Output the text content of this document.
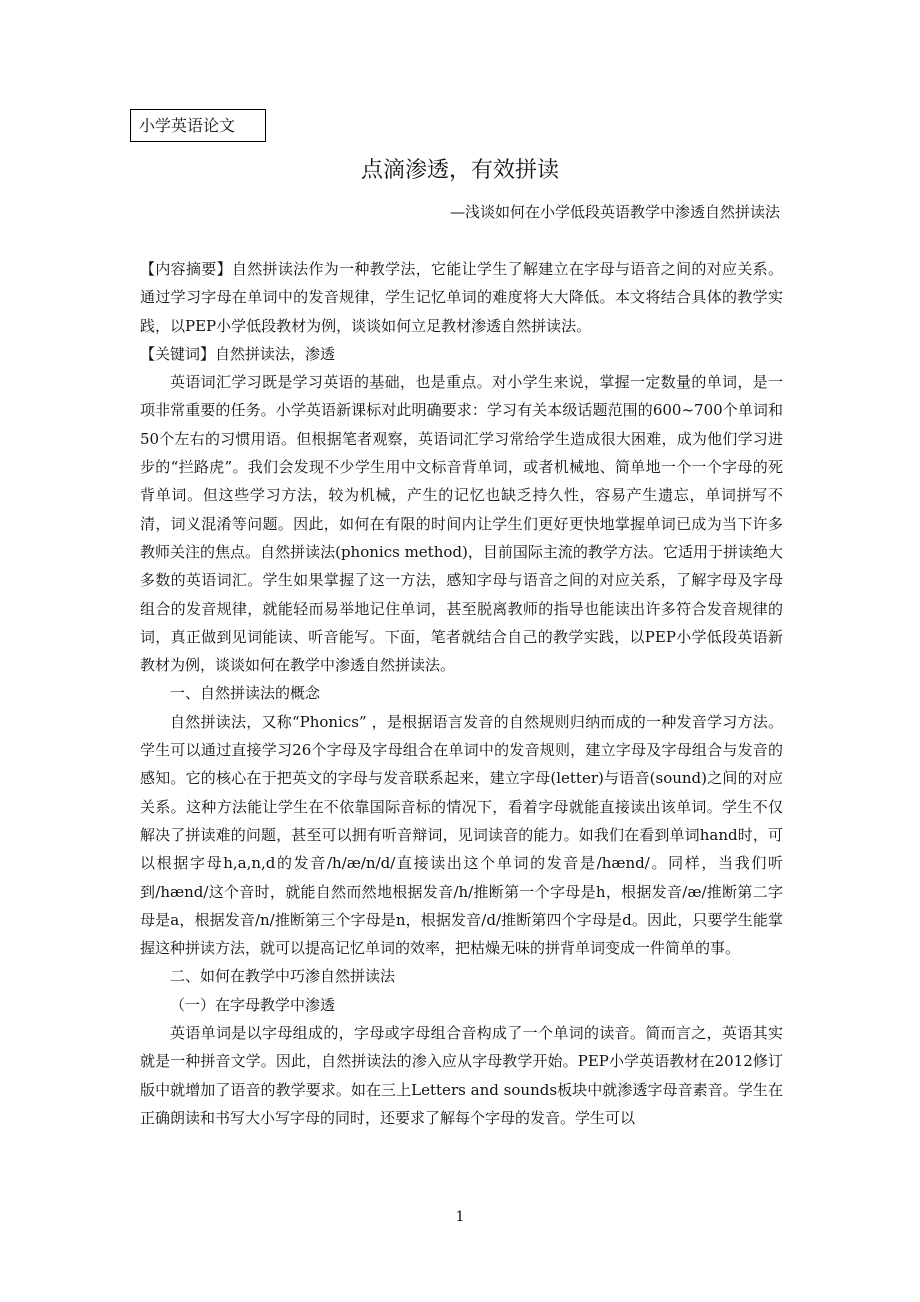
小学英语论文
点滴渗透，有效拼读
—浅谈如何在小学低段英语教学中渗透自然拼读法

【内容摘要】自然拼读法作为一种教学法，它能让学生了解建立在字母与语音之间的对应关系。通过学习字母在单词中的发音规律，学生记忆单词的难度将大大降低。本文将结合具体的教学实践，以PEP小学低段教材为例，谈谈如何立足教材渗透自然拼读法。

【关键词】自然拼读法，渗透

英语词汇学习既是学习英语的基础，也是重点。对小学生来说，掌握一定数量的单词，是一项非常重要的任务。小学英语新课标对此明确要求：学习有关本级话题范围的600~700个单词和50个左右的习惯用语。但根据笔者观察，英语词汇学习常给学生造成很大困难，成为他们学习进步的“拦路虎”。我们会发现不少学生用中文标音背单词，或者机械地、简单地一个一个字母的死背单词。但这些学习方法，较为机械，产生的记忆也缺乏持久性，容易产生遗忘，单词拼写不清，词义混淆等问题。因此，如何在有限的时间内让学生们更好更快地掌握单词已成为当下许多教师关注的焦点。自然拼读法(phonics method)，目前国际主流的教学方法。它适用于拼读绝大多数的英语词汇。学生如果掌握了这一方法，感知字母与语音之间的对应关系，了解字母及字母组合的发音规律，就能轻而易举地记住单词，甚至脱离教师的指导也能读出许多符合发音规律的词，真正做到见词能读、听音能写。下面，笔者就结合自己的教学实践，以PEP小学低段英语新教材为例，谈谈如何在教学中渗透自然拼读法。

一、自然拼读法的概念

自然拼读法，又称“Phonics” ，是根据语言发音的自然规则归纳而成的一种发音学习方法。学生可以通过直接学习26个字母及字母组合在单词中的发音规则，建立字母及字母组合与发音的感知。它的核心在于把英文的字母与发音联系起来，建立字母(letter)与语音(sound)之间的对应关系。这种方法能让学生在不依靠国际音标的情况下，看着字母就能直接读出该单词。学生不仅解决了拼读难的问题，甚至可以拥有听音辩词，见词读音的能力。如我们在看到单词hand时，可以根据字母h,a,n,d的发音/h/æ/n/d/直接读出这个单词的发音是/hænd/。同样，当我们听到/hænd/这个音时，就能自然而然地根据发音/h/推断第一个字母是h，根据发音/æ/推断第二字母是a，根据发音/n/推断第三个字母是n，根据发音/d/推断第四个字母是d。因此，只要学生能掌握这种拼读方法，就可以提高记忆单词的效率，把枯燥无味的拼背单词变成一件简单的事。

二、如何在教学中巧渗自然拼读法

（一）在字母教学中渗透

英语单词是以字母组成的，字母或字母组合音构成了一个单词的读音。简而言之，英语其实就是一种拼音文学。因此，自然拼读法的渗入应从字母教学开始。PEP小学英语教材在2012修订版中就增加了语音的教学要求。如在三上Letters and sounds板块中就渗透字母音素音。学生在正确朗读和书写大小写字母的同时，还要求了解每个字母的发音。学生可以

1
